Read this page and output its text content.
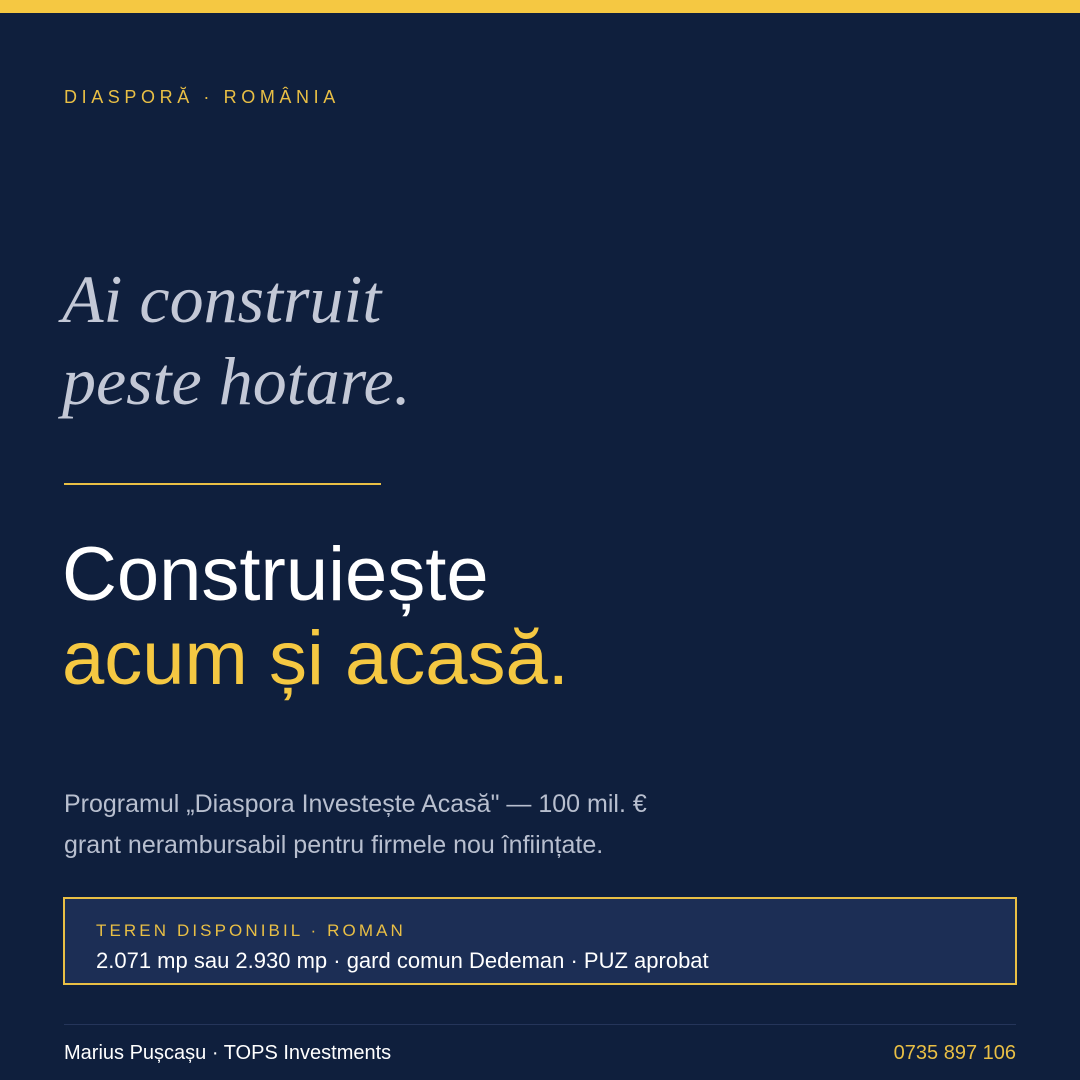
DIASPORĂ · ROMÂNIA

Ai construit
peste hotare.
Construiește
acum și acasă.

Programul „Diaspora Investește Acasă" — 100 mil. €
grant nerambursabil pentru firmele nou înființate.

TEREN DISPONIBIL · ROMAN
2.071 mp sau 2.930 mp · gard comun Dedeman · PUZ aprobat
Marius Pușcașu · TOPS Investments	0735 897 106
